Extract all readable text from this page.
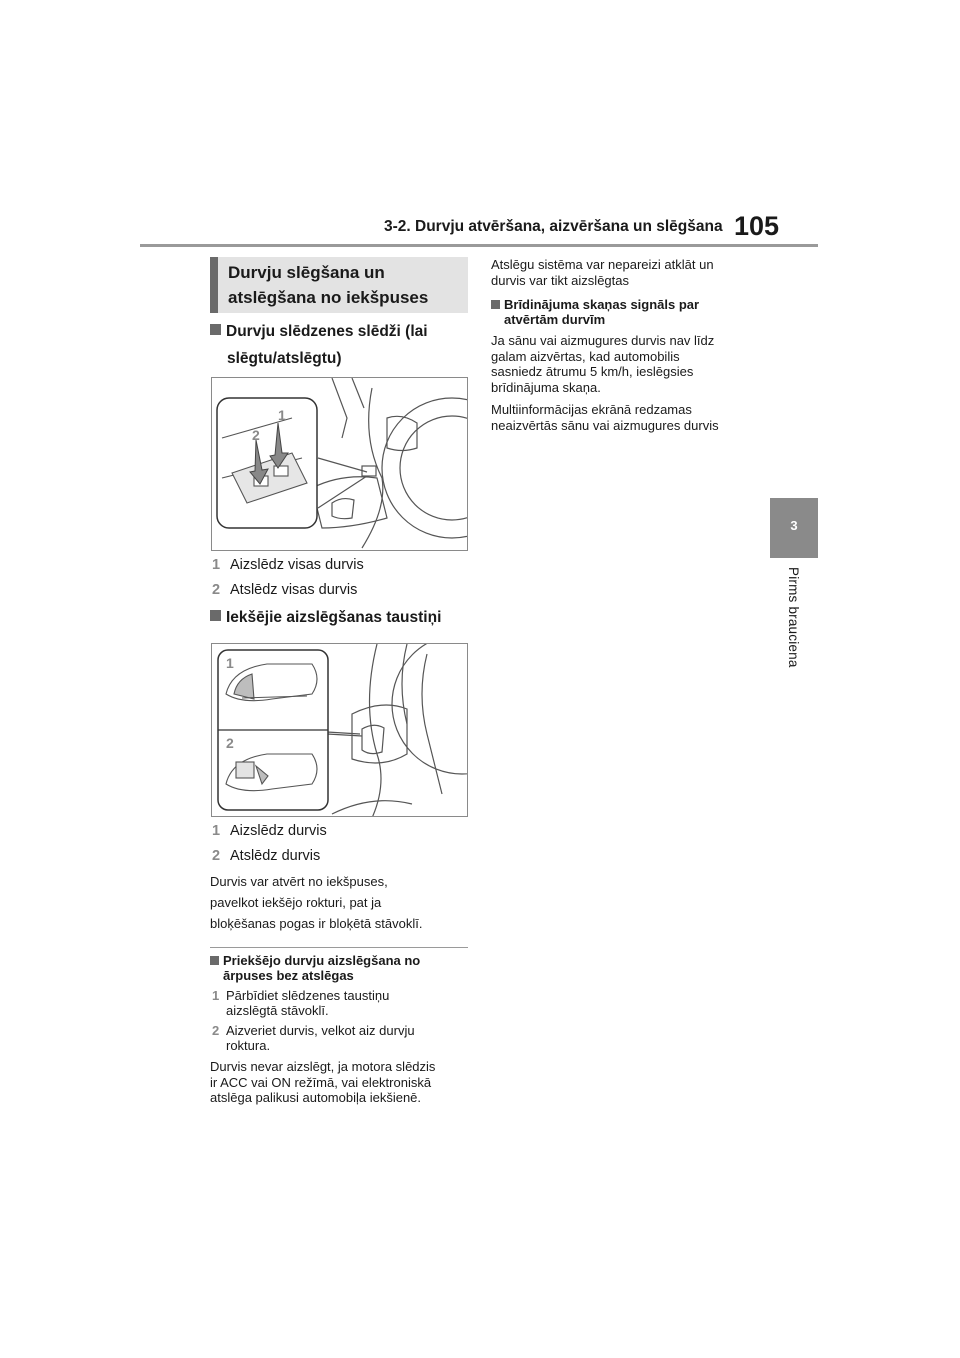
3-2. Durvju atvēršana, aizvēršana un slēgšana 105
3
Pirms brauciena
Durvju slēgšana un atslēgšana no iekšpuses
Durvju slēdzenes slēdži (lai
slēgtu/atslēgtu)
1
2
1 Aizslēdz visas durvis
2 Atslēdz visas durvis
Iekšējie aizslēgšanas taustiņi
1
2
1 Aizslēdz durvis
2 Atslēdz durvis
Durvis var atvērt no iekšpuses,
pavelkot iekšējo rokturi, pat ja
bloķēšanas pogas ir bloķētā stāvoklī.
Priekšējo durvju aizslēgšana no
ārpuses bez atslēgas
1 Pārbīdiet slēdzenes taustiņu
aizslēgtā stāvoklī.
2 Aizveriet durvis, velkot aiz durvju
roktura.
Durvis nevar aizslēgt, ja motora slēdzis
ir ACC vai ON režīmā, vai elektroniskā
atslēga palikusi automobiļa iekšienē.
Atslēgu sistēma var nepareizi atklāt un
durvis var tikt aizslēgtas
Brīdinājuma skaņas signāls par
atvērtām durvīm
Ja sānu vai aizmugures durvis nav līdz
galam aizvērtas, kad automobilis
sasniedz ātrumu 5 km/h, ieslēgsies
brīdinājuma skaņa.
Multiinformācijas ekrānā redzamas
neaizvērtās sānu vai aizmugures durvis
